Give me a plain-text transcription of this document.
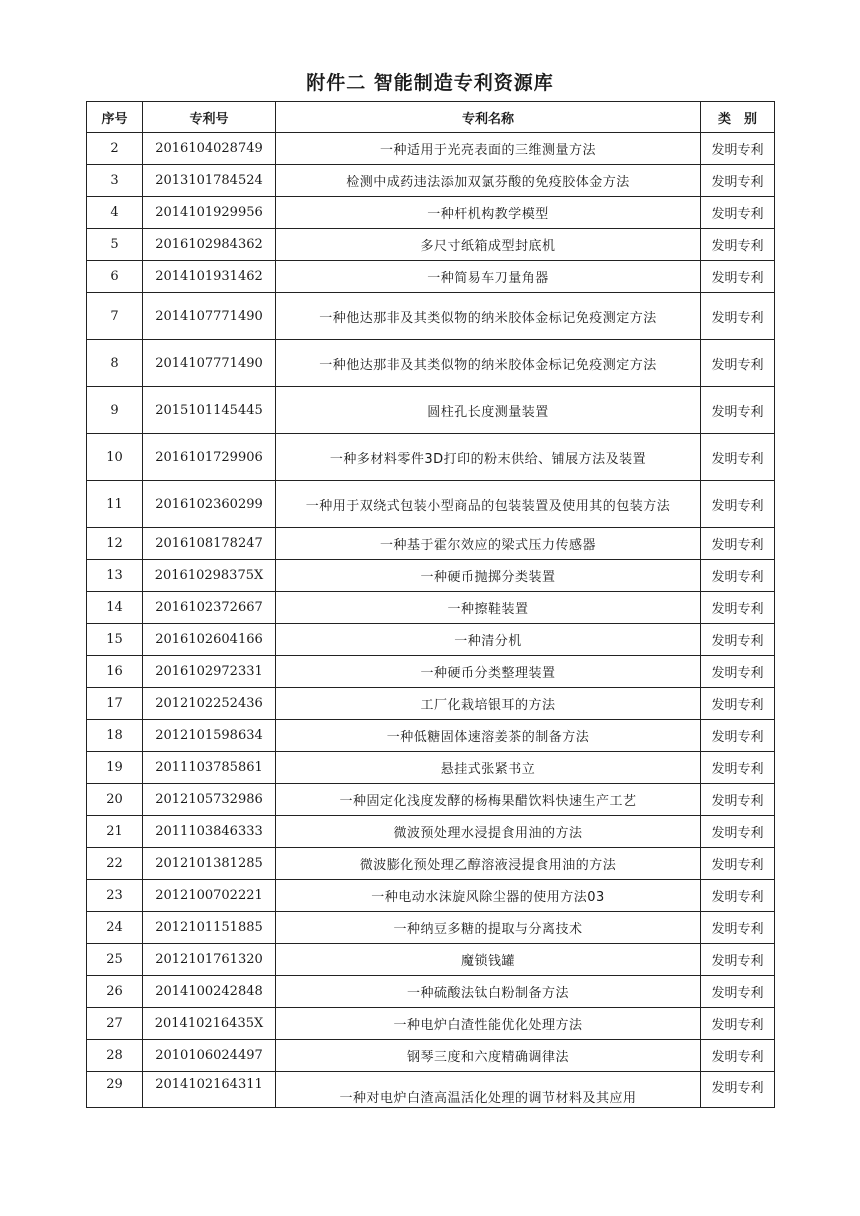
附件二 智能制造专利资源库
序号	专利号	专利名称	类　别
2	2016104028749	一种适用于光亮表面的三维测量方法	发明专利
3	2013101784524	检测中成药违法添加双氯芬酸的免疫胶体金方法	发明专利
4	2014101929956	一种杆机构教学模型	发明专利
5	2016102984362	多尺寸纸箱成型封底机	发明专利
6	2014101931462	一种简易车刀量角器	发明专利
7	2014107771490	一种他达那非及其类似物的纳米胶体金标记免疫测定方法	发明专利
8	2014107771490	一种他达那非及其类似物的纳米胶体金标记免疫测定方法	发明专利
9	2015101145445	圆柱孔长度测量装置	发明专利
10	2016101729906	一种多材料零件3D打印的粉末供给、铺展方法及装置	发明专利
11	2016102360299	一种用于双绕式包装小型商品的包装装置及使用其的包装方法	发明专利
12	2016108178247	一种基于霍尔效应的梁式压力传感器	发明专利
13	201610298375X	一种硬币抛掷分类装置	发明专利
14	2016102372667	一种擦鞋装置	发明专利
15	2016102604166	一种清分机	发明专利
16	2016102972331	一种硬币分类整理装置	发明专利
17	2012102252436	工厂化栽培银耳的方法	发明专利
18	2012101598634	一种低糖固体速溶姜茶的制备方法	发明专利
19	2011103785861	悬挂式张紧书立	发明专利
20	2012105732986	一种固定化浅度发酵的杨梅果醋饮料快速生产工艺	发明专利
21	2011103846333	微波预处理水浸提食用油的方法	发明专利
22	2012101381285	微波膨化预处理乙醇溶液浸提食用油的方法	发明专利
23	2012100702221	一种电动水沫旋风除尘器的使用方法03	发明专利
24	2012101151885	一种纳豆多糖的提取与分离技术	发明专利
25	2012101761320	魔锁钱罐	发明专利
26	2014100242848	一种硫酸法钛白粉制备方法	发明专利
27	201410216435X	一种电炉白渣性能优化处理方法	发明专利
28	2010106024497	钢琴三度和六度精确调律法	发明专利
29	2014102164311	一种对电炉白渣高温活化处理的调节材料及其应用	发明专利
